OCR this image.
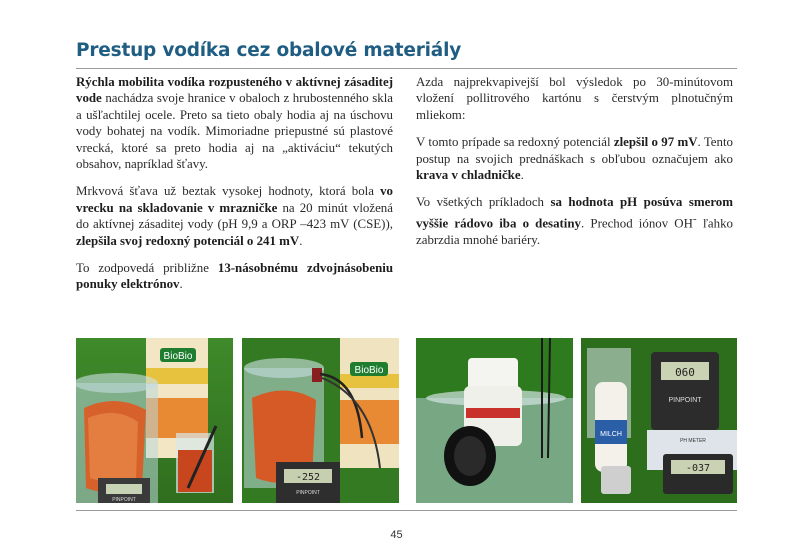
Prestup vodíka cez obalové materiály

Rýchla mobilita vodíka rozpusteného v aktívnej zásaditej vode nachádza svoje hranice v obaloch z hrubostenného skla a ušľachtilej ocele. Preto sa tieto obaly hodia aj na úschovu vody bohatej na vodík. Mimoriadne priepustné sú plastové vrecká, ktoré sa preto hodia aj na „aktiváciu“ tekutých obsahov, napríklad šťavy.

Mrkvová šťava už beztak vysokej hodnoty, ktorá bola vo vrecku na skladovanie v mrazničke na 20 minút vložená do aktívnej zásaditej vody (pH 9,9 a ORP –423 mV (CSE)), zlepšila svoj redoxný potenciál o 241 mV.

To zodpovedá približne 13-násobnému zdvojnásobeniu ponuky elektrónov.

Azda najprekvapivejší bol výsledok po 30-minútovom vložení pollitrového kartónu s čerstvým plnotučným mliekom:

V tomto prípade sa redoxný potenciál zlepšil o 97 mV. Tento postup na svojich prednáškach s obľubou označujem ako krava v chladničke.

Vo všetkých príkladoch sa hodnota pH posúva smerom vyššie rádovo iba o desatiny. Prechod iónov OH- ľahko zabrzdia mnohé bariéry.

BioBio
PINPOINT
BioBio
-252
PINPOINT
MILCH
060
PINPOINT
PH METER
-037
45
